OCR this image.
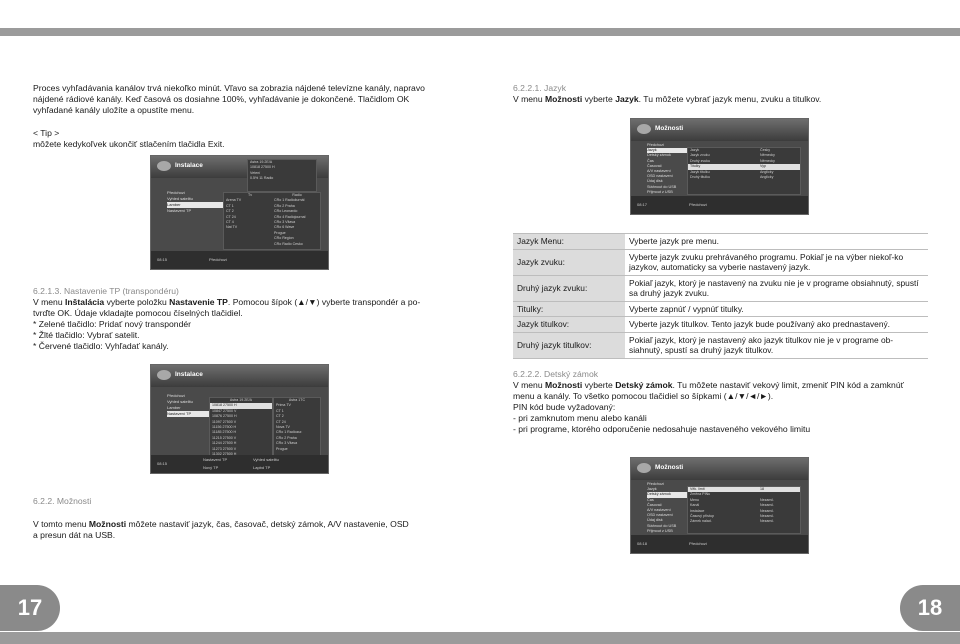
17	18

Proces vyhľadávania kanálov trvá niekoľko minút. Vľavo sa zobrazia nájdené televízne kanály, napravo

nájdené rádiové kanály. Keď časová os dosiahne 100%, vyhľadávanie je dokončené. Tlačidlom OK

vyhľadané kanály uložíte a opustíte menu.

< Tip >

môžete kedykoľvek ukončiť stlačením tlačidla Exit.

Instalace	Astra 19.2E/A
10818 27500 H
Vetení
0.5% 11 Radio
Předchozí
Vyhled satelitu
Lamber
Nastavení TP
Tv
Arena TV
CT 1
CT 2
CT 24
CT 4
Nat TV
Radio
CRo 1 Radiožurnál
CRo 2 Praha
CRo Leonardo
CRo 4 Radiojournal
CRo 3 Vltava
CRo 6 Wave
Progue
CRo Region
CRo Radio Cesko
08:15	Předchozí

6.2.1.3. Nastavenie TP (transpondéru)

V menu Inštalácia vyberte položku Nastavenie TP. Pomocou šípok (▲/▼) vyberte transpondér a po-

tvrďte OK. Údaje vkladajte pomocou číselných tlačidiel.

* Zelené tlačidlo: Pridať nový transpondér

* Žlté tlačidlo: Vybrať satelit.

* Červené tlačidlo: Vyhľadať kanály.

Instalace
Předchozí
Vyhled satelitu
Lamber
Nastavení TP
Astra 19.2E/A
10818 27500 H
10847 27500 V
10876 27500 H
11097 27500 V
11156 27500 H
11185 27500 H
11215 27500 V
11244 27500 H
11273 27500 V
Astra 1TC
Prima TV
CT 1
CT 2
CT 24
Nova TV
CRo 1 Radiozur.
CRo 2 Praha
CRo 3 Vltava
Progue
08:15
Nastavení TP
Nový TP
Vyhled satelitu
Lapbd TP

6.2.2. Možnosti

V tomto menu Možnosti môžete nastaviť jazyk, čas, časovač, detský zámok, A/V nastavenie, OSD

a presun dát na USB.

6.2.2.1. Jazyk

V menu Možnosti vyberte Jazyk. Tu môžete vybrať jazyk menu, zvuku a titulkov.

Možnosti
Předchozí
Jazyk
Detský zámok
Čas
Časovač
A/V nastavení
OSD nastavení
Údaj disk
Stáhnout do USB
Přijmout z USB
Jazyk	Česky
Jazyk zvuku	Německy
Druhý zvuku	Německy
Titulky	Vyp
Jazyk titulku	Anglicky
Druhý titulku	Anglicky
08:17	Předchozí
Jazyk Menu:	Vyberte jazyk pre menu.
Jazyk zvuku:	Vyberte jazyk zvuku prehrávaného programu. Pokiaľ je na výber niekoľ-ko jazykov, automaticky sa vyberie nastavený jazyk.
Druhý jazyk zvuku:	Pokiaľ jazyk, ktorý je nastavený na zvuku nie je v programe obsiahnutý, spustí sa druhý jazyk zvuku.
Titulky:	Vyberte zapnúť / vypnúť titulky.
Jazyk titulkov:	Vyberte jazyk titulkov. Tento jazyk bude používaný ako prednastavený.
Druhý jazyk titulkov:	Pokiaľ jazyk, ktorý je nastavený ako jazyk titulkov nie je v programe ob-siahnutý, spustí sa druhý jazyk titulkov.

6.2.2.2. Detský zámok

V menu Možnosti vyberte Detský zámok. Tu môžete nastaviť vekový limit, zmeniť PIN kód a zamknúť

menu a kanály. To všetko pomocou tlačidiel so šípkami (▲/▼/◄/►).

PIN kód bude vyžadovaný:

- pri zamknutom menu alebo kanáli

- pri programe, ktorého odporučenie nedosahuje nastaveného vekového limitu

Možnosti
Předchozí
Jazyk
Detský zámok
Čas
Časovač
A/V nastavení
OSD nastavení
Údaj disk
Stáhnout do USB
Přijmout z USB
Věk. limit	18
Změna PINu
Menu	Nezamč.
Kanál	Nezamč.
Instalace	Nezamč.
Časový přístup	Nezamč.
Zámek nalad.	Nezamč.
08:18	Předchozí
